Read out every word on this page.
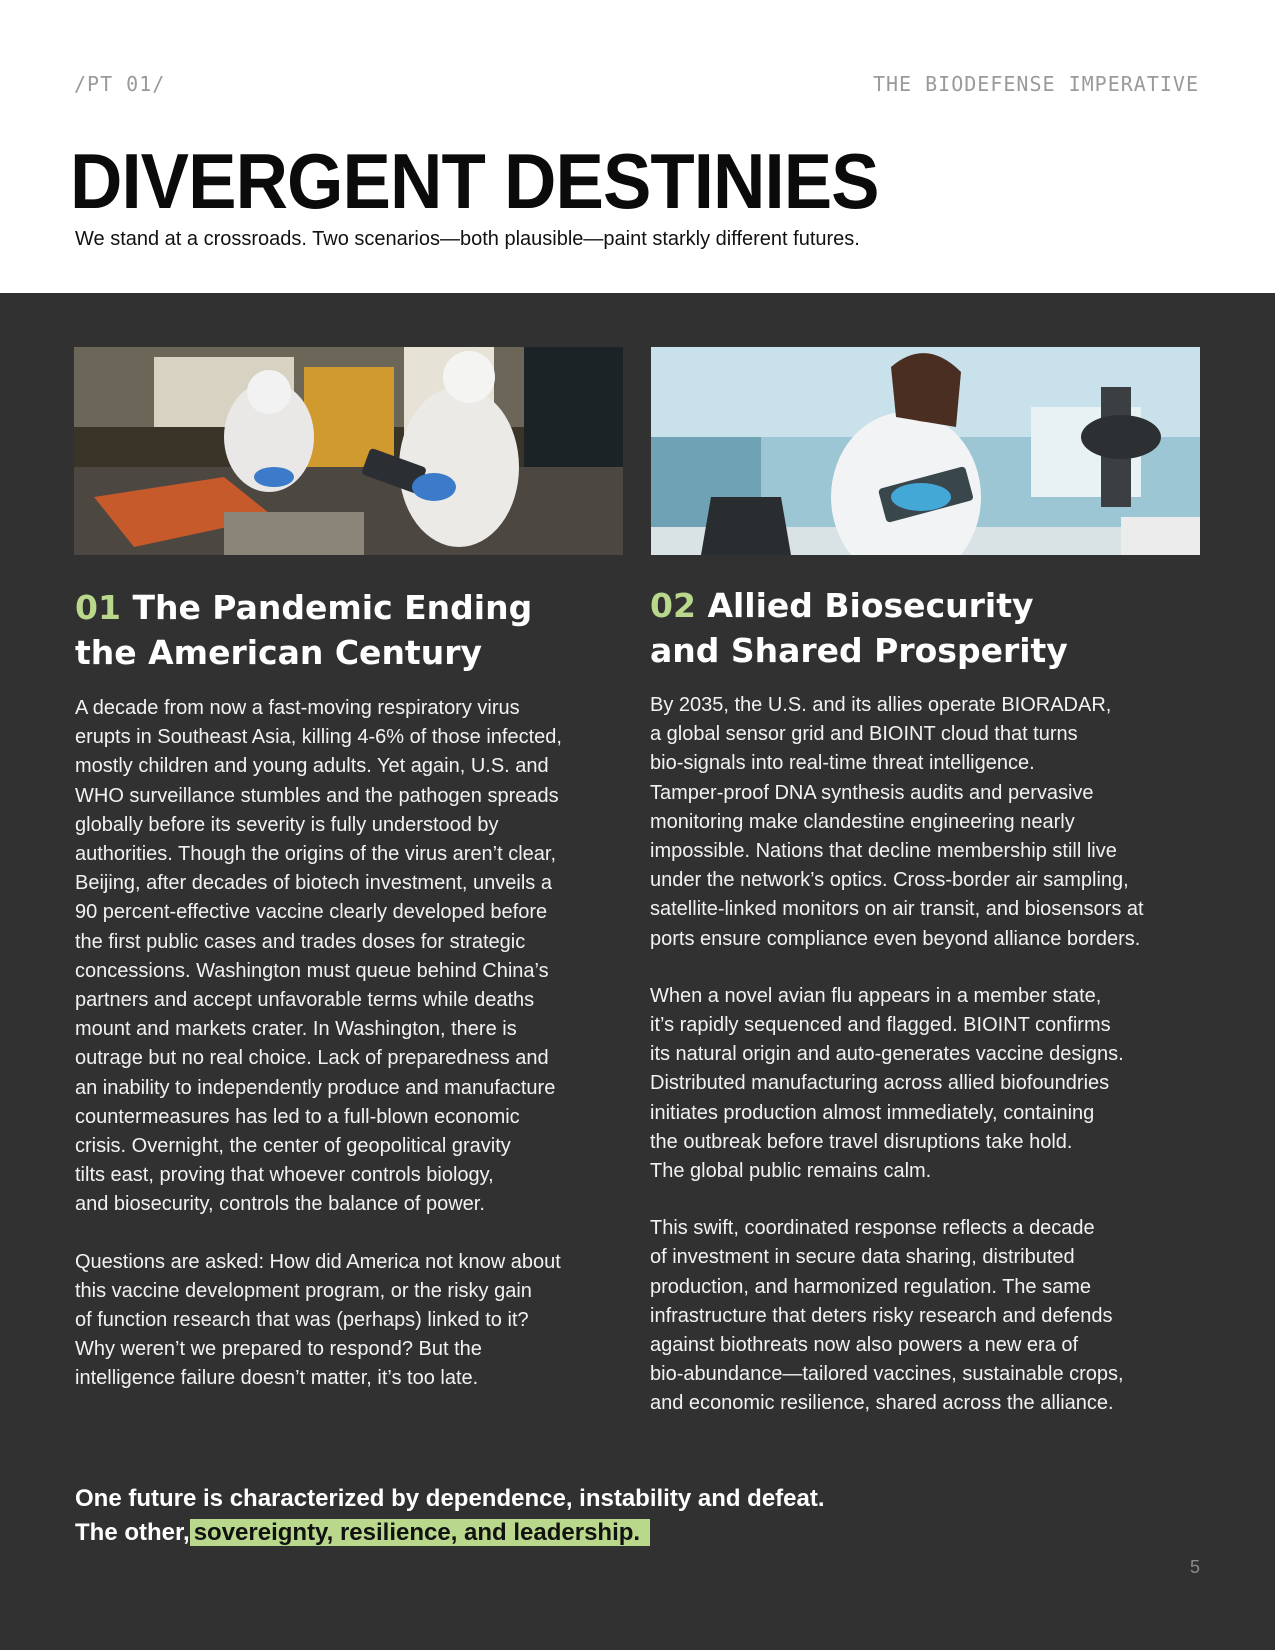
/PT 01/	THE BIODEFENSE IMPERATIVE
DIVERGENT DESTINIES

We stand at a crossroads. Two scenarios—both plausible—paint starkly different futures.

01 The Pandemic Ending
the American Century
02 Allied Biosecurity
and Shared Prosperity

A decade from now a fast-moving respiratory virus
erupts in Southeast Asia, killing 4-6% of those infected,
mostly children and young adults. Yet again, U.S. and
WHO surveillance stumbles and the pathogen spreads
globally before its severity is fully understood by
authorities. Though the origins of the virus aren’t clear,
Beijing, after decades of biotech investment, unveils a
90 percent-effective vaccine clearly developed before
the first public cases and trades doses for strategic
concessions. Washington must queue behind China’s
partners and accept unfavorable terms while deaths
mount and markets crater. In Washington, there is
outrage but no real choice. Lack of preparedness and
an inability to independently produce and manufacture
countermeasures has led to a full-blown economic
crisis. Overnight, the center of geopolitical gravity
tilts east, proving that whoever controls biology,
and biosecurity, controls the balance of power.

Questions are asked: How did America not know about
this vaccine development program, or the risky gain
of function research that was (perhaps) linked to it?
Why weren’t we prepared to respond? But the
intelligence failure doesn’t matter, it’s too late.

By 2035, the U.S. and its allies operate BIORADAR,
a global sensor grid and BIOINT cloud that turns
bio-signals into real-time threat intelligence.
Tamper-proof DNA synthesis audits and pervasive
monitoring make clandestine engineering nearly
impossible. Nations that decline membership still live
under the network’s optics. Cross-border air sampling,
satellite-linked monitors on air transit, and biosensors at
ports ensure compliance even beyond alliance borders.

When a novel avian flu appears in a member state,
it’s rapidly sequenced and flagged. BIOINT confirms
its natural origin and auto-generates vaccine designs.
Distributed manufacturing across allied biofoundries
initiates production almost immediately, containing
the outbreak before travel disruptions take hold.
The global public remains calm.

This swift, coordinated response reflects a decade
of investment in secure data sharing, distributed
production, and harmonized regulation. The same
infrastructure that deters risky research and defends
against biothreats now also powers a new era of
bio-abundance—tailored vaccines, sustainable crops,
and economic resilience, shared across the alliance.

One future is characterized by dependence, instability and defeat.
The other, sovereignty, resilience, and leadership.
5
